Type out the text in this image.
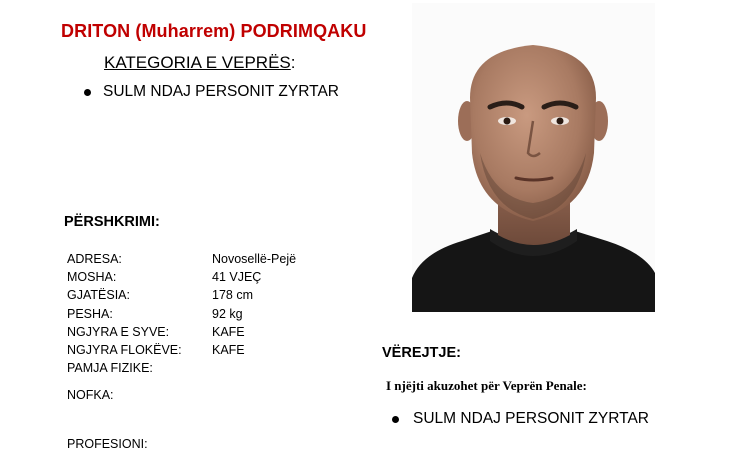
DRITON (Muharrem) PODRIMQAKU
KATEGORIA E VEPRËS:
SULM NDAJ PERSONIT ZYRTAR
PËRSHKRIMI:
ADRESA:	Novosellë-Pejë
MOSHA:	41 VJEÇ
GJATËSIA:	178 cm
PESHA:	92 kg
NGJYRA E SYVE:	KAFE
NGJYRA FLOKËVE:	KAFE
PAMJA FIZIKE:
NOFKA:
PROFESIONI:
VËREJTJE:
I njëjti akuzohet për Veprën Penale:
SULM NDAJ PERSONIT ZYRTAR
